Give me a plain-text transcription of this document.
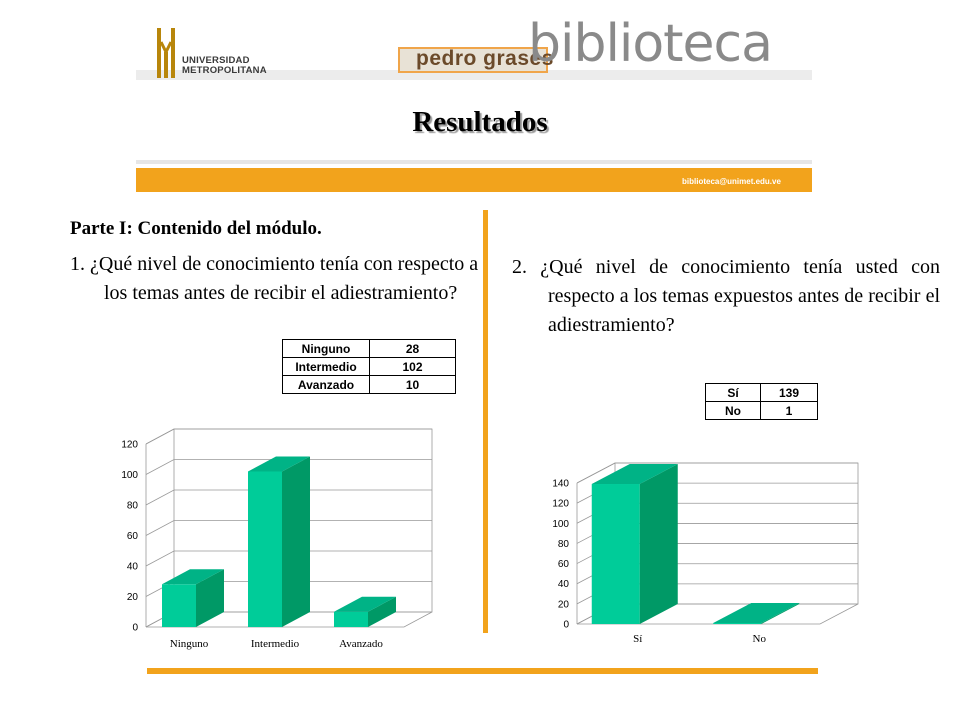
UNIVERSIDAD
METROPOLITANA
pedro grases
biblioteca
biblioteca@unimet.edu.ve
Resultados
Parte I: Contenido del módulo.
1. ¿Qué nivel de conocimiento tenía con respecto a los temas antes de recibir el adiestramiento?
Ninguno	28
Intermedio	102
Avanzado	10
0
20
40
60
80
100
120
Ninguno	Intermedio	Avanzado
2. ¿Qué nivel de conocimiento tenía usted con respecto a los temas expuestos antes de recibir el adiestramiento?
Sí	139
No	1
0
20
40
60
80
100
120
140
Sí	No
